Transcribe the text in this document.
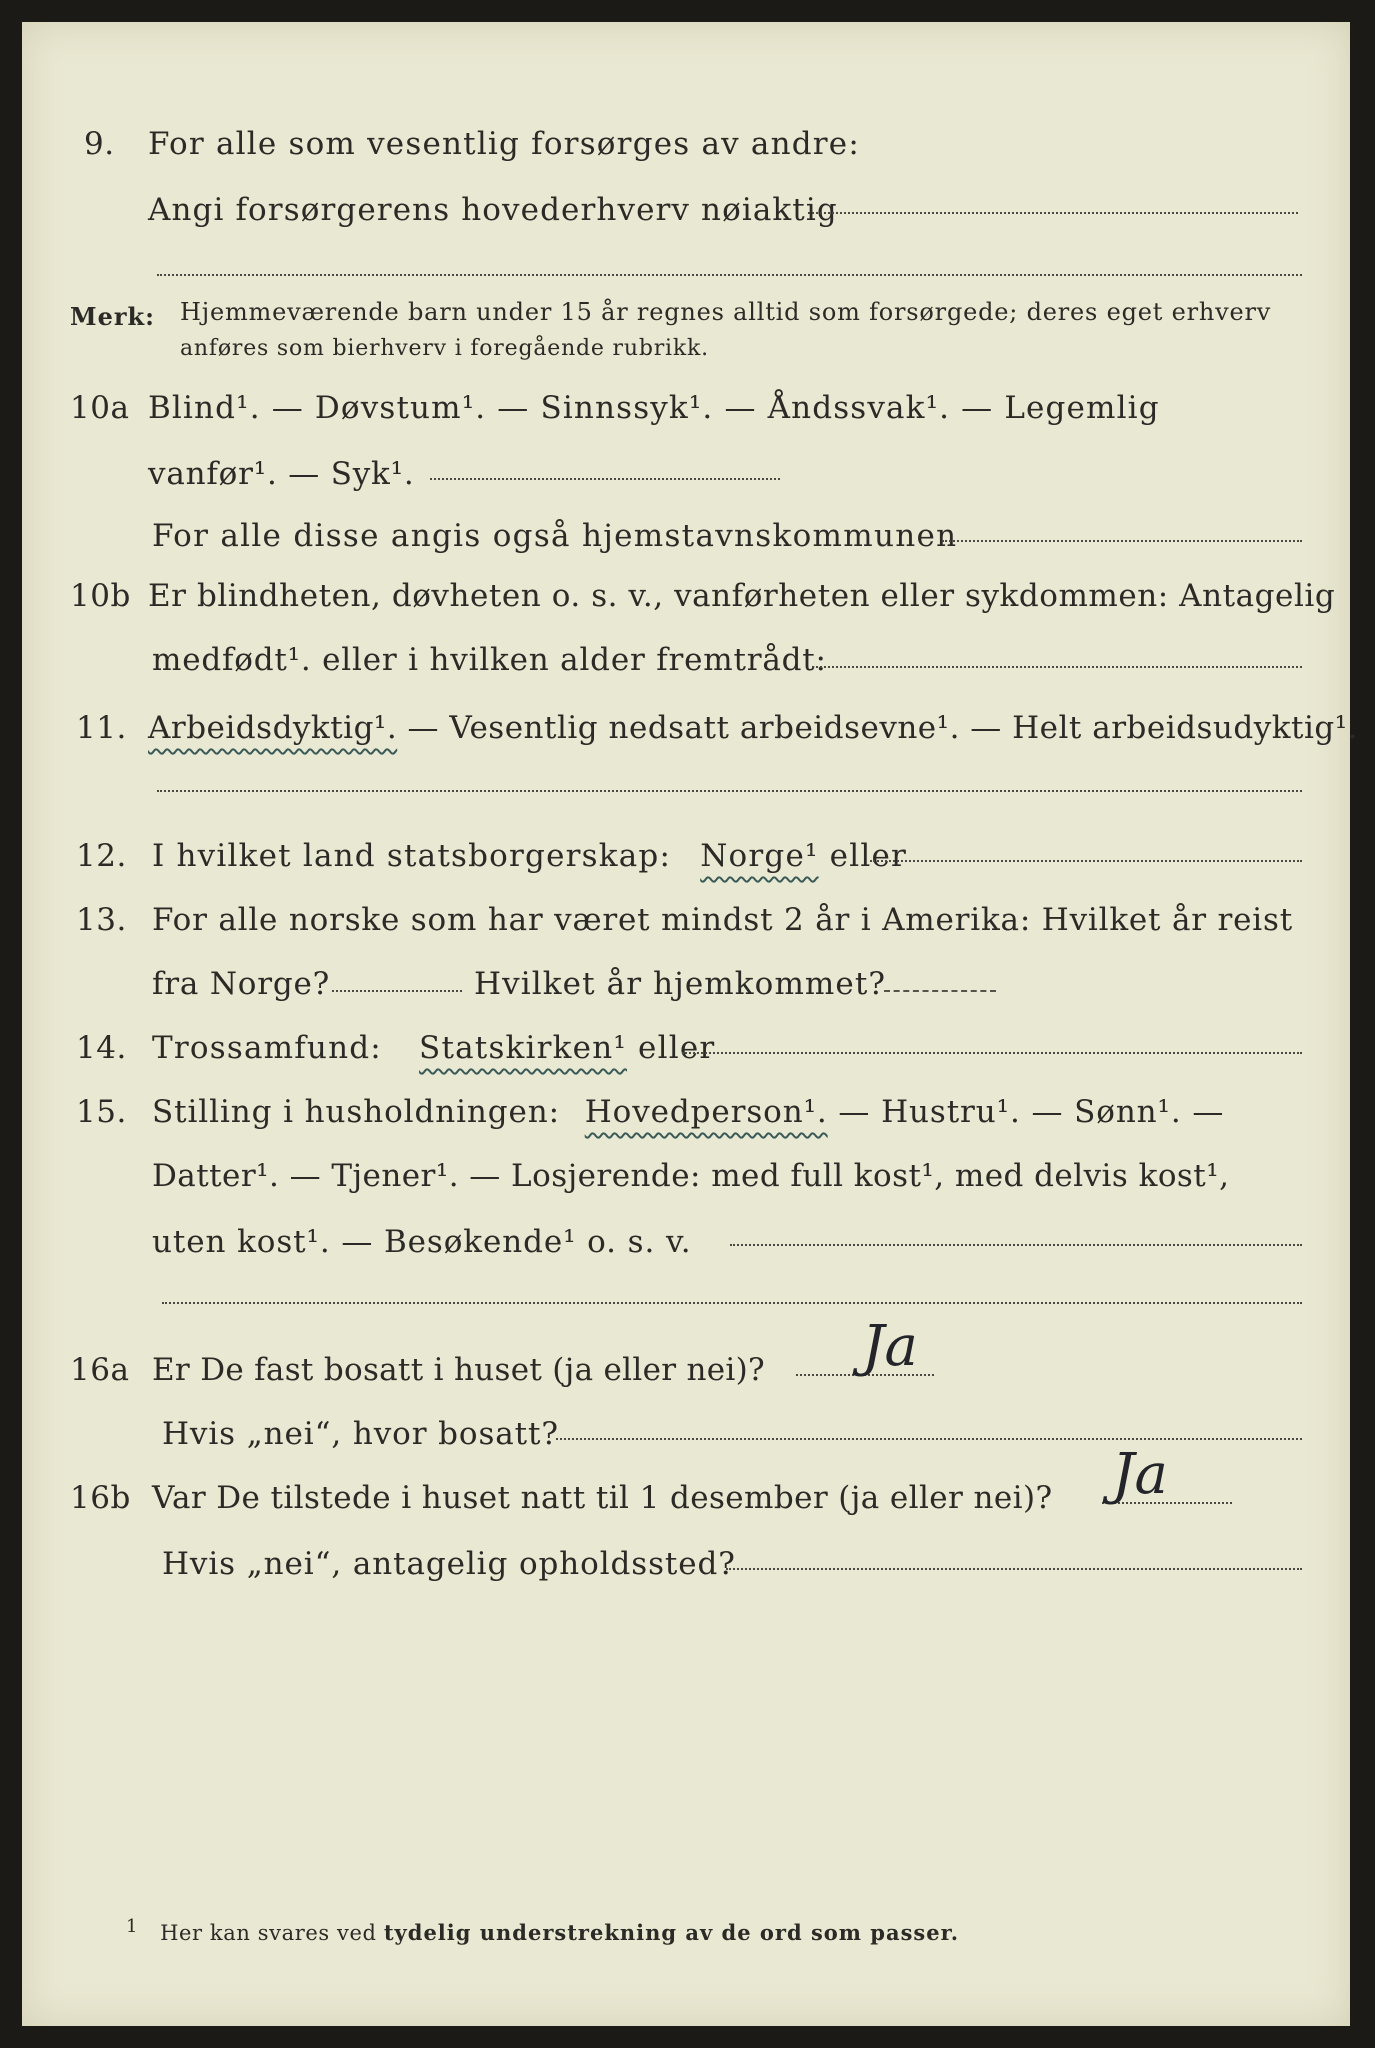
9. For alle som vesentlig forsørges av andre:
Angi forsørgerens hovederhverv nøiaktig
Merk: Hjemmeværende barn under 15 år regnes alltid som forsørgede; deres eget erhverv
anføres som bierhverv i foregående rubrikk.
10a Blind¹. — Døvstum¹. — Sinnssyk¹. — Åndssvak¹. — Legemlig
vanfør¹. — Syk¹.
For alle disse angis også hjemstavnskommunen
10b Er blindheten, døvheten o. s. v., vanførheten eller sykdommen: Antagelig
medfødt¹. eller i hvilken alder fremtrådt:
11. Arbeidsdyktig¹. — Vesentlig nedsatt arbeidsevne¹. — Helt arbeidsudyktig¹.
12. I hvilket land statsborgerskap: Norge¹ eller
13. For alle norske som har været mindst 2 år i Amerika: Hvilket år reist
fra Norge?	Hvilket år hjemkommet?
14. Trossamfund: Statskirken¹ eller
15. Stilling i husholdningen: Hovedperson¹. — Hustru¹. — Sønn¹. —
Datter¹. — Tjener¹. — Losjerende: med full kost¹, med delvis kost¹,
uten kost¹. — Besøkende¹ o. s. v.
16a Er De fast bosatt i huset (ja eller nei)? Ja
Hvis „nei“, hvor bosatt?
16b Var De tilstede i huset natt til 1 desember (ja eller nei)? Ja
Hvis „nei“, antagelig opholdssted?
1 Her kan svares ved tydelig understrekning av de ord som passer.
